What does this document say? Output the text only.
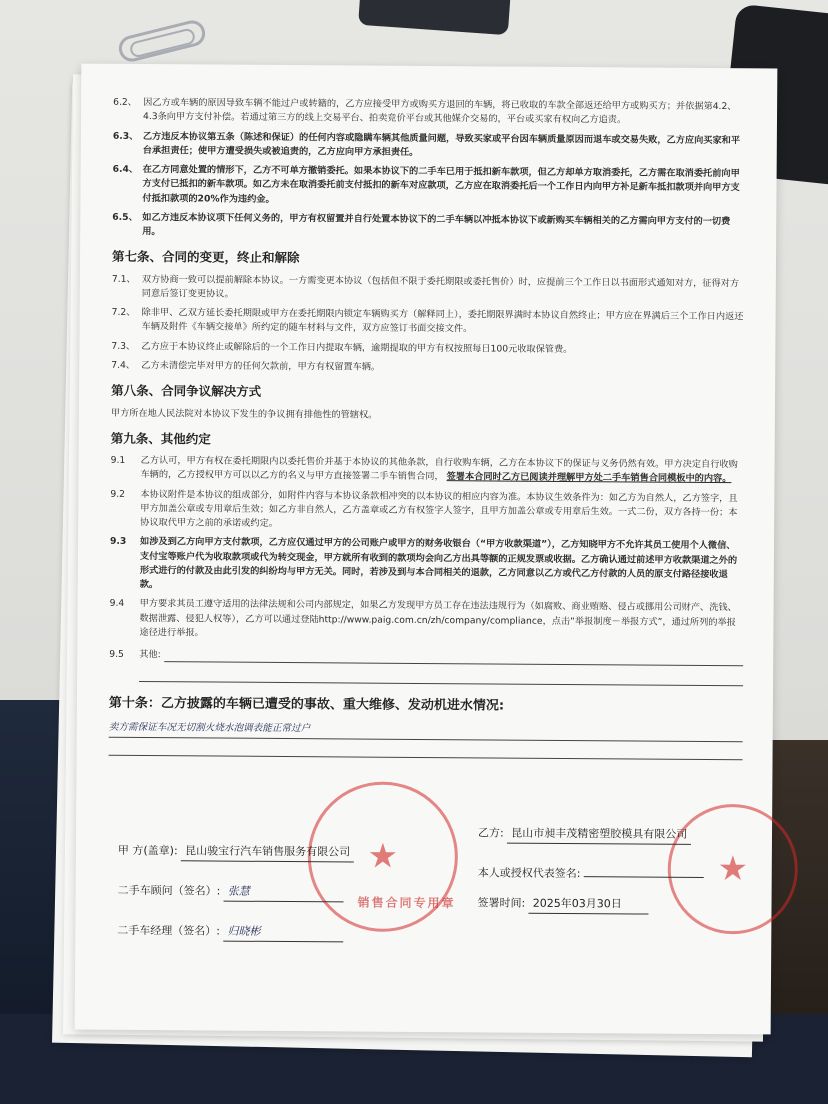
6.2、 因乙方或车辆的原因导致车辆不能过户或转籍的，乙方应接受甲方或购买方退回的车辆，将已收取的车款全部返还给甲方或购买方；并依据第4.2、4.3条向甲方支付补偿。若通过第三方的线上交易平台、拍卖竞价平台或其他媒介交易的，平台或买家有权向乙方追责。
6.3、 乙方违反本协议第五条（陈述和保证）的任何内容或隐瞒车辆其他质量问题，导致买家或平台因车辆质量原因而退车或交易失败，乙方应向买家和平台承担责任；使甲方遭受损失或被追责的，乙方应向甲方承担责任。
6.4、 在乙方同意处置的情形下，乙方不可单方撤销委托。如果本协议下的二手车已用于抵扣新车款项，但乙方却单方取消委托，乙方需在取消委托前向甲方支付已抵扣的新车款项。如乙方未在取消委托前支付抵扣的新车对应款项，乙方应在取消委托后一个工作日内向甲方补足新车抵扣款项并向甲方支付抵扣款项的20%作为违约金。
6.5、 如乙方违反本协议项下任何义务的，甲方有权留置并自行处置本协议下的二手车辆以冲抵本协议下或新购买车辆相关的乙方需向甲方支付的一切费用。
第七条、合同的变更，终止和解除
7.1、 双方协商一致可以提前解除本协议。一方需变更本协议（包括但不限于委托期限或委托售价）时，应提前三个工作日以书面形式通知对方，征得对方同意后签订变更协议。
7.2、 除非甲、乙双方延长委托期限或甲方在委托期限内锁定车辆购买方（解释同上），委托期限界满时本协议自然终止；甲方应在界满后三个工作日内返还车辆及附件《车辆交接单》所约定的随车材料与文件，双方应签订书面交接文件。
7.3、 乙方应于本协议终止或解除后的一个工作日内提取车辆，逾期提取的甲方有权按照每日100元收取保管费。
7.4、 乙方未清偿完毕对甲方的任何欠款前，甲方有权留置车辆。
第八条、合同争议解决方式
甲方所在地人民法院对本协议下发生的争议拥有排他性的管辖权。
第九条、其他约定
9.1	乙方认可，甲方有权在委托期限内以委托售价并基于本协议的其他条款，自行收购车辆，乙方在本协议下的保证与义务仍然有效。甲方决定自行收购车辆的，乙方授权甲方可以以乙方的名义与甲方直接签署二手车销售合同， 签署本合同时乙方已阅读并理解甲方处二手车销售合同模板中的内容。
9.2	本协议附件是本协议的组成部分，如附件内容与本协议条款相冲突的以本协议的相应内容为准。本协议生效条件为：如乙方为自然人，乙方签字，且甲方加盖公章或专用章后生效；如乙方非自然人，乙方盖章或乙方有权签字人签字，且甲方加盖公章或专用章后生效。一式二份，双方各持一份；本协议取代甲方之前的承诺或约定。
9.3	如涉及到乙方向甲方支付款项，乙方应仅通过甲方的公司账户或甲方的财务收银台（“甲方收款渠道”），乙方知晓甲方不允许其员工使用个人微信、支付宝等账户代为收取款项或代为转交现金，甲方就所有收到的款项均会向乙方出具等额的正规发票或收据。乙方确认通过前述甲方收款渠道之外的形式进行的付款及由此引发的纠纷均与甲方无关。同时，若涉及到与本合同相关的退款，乙方同意以乙方或代乙方付款的人员的原支付路径接收退款。
9.4	甲方要求其员工遵守适用的法律法规和公司内部规定，如果乙方发现甲方员工存在违法违规行为（如腐败、商业贿赂、侵占或挪用公司财产、洗钱、数据泄露、侵犯人权等），乙方可以通过登陆http://www.paig.com.cn/zh/company/compliance，点击“举报制度－举报方式”，通过所列的举报途径进行举报。
9.5	其他:
第十条：乙方披露的车辆已遭受的事故、重大维修、发动机进水情况:
卖方需保证车况无切割火烧水泡调表能正常过户
★
销售合同专用章
★
甲 方(盖章): 昆山骏宝行汽车销售服务有限公司
二手车顾问（签名）: 张慧
二手车经理（签名）: 归晓彬
乙方: 昆山市昶丰茂精密塑胶模具有限公司
本人或授权代表签名:
签署时间: 2025年03月30日
